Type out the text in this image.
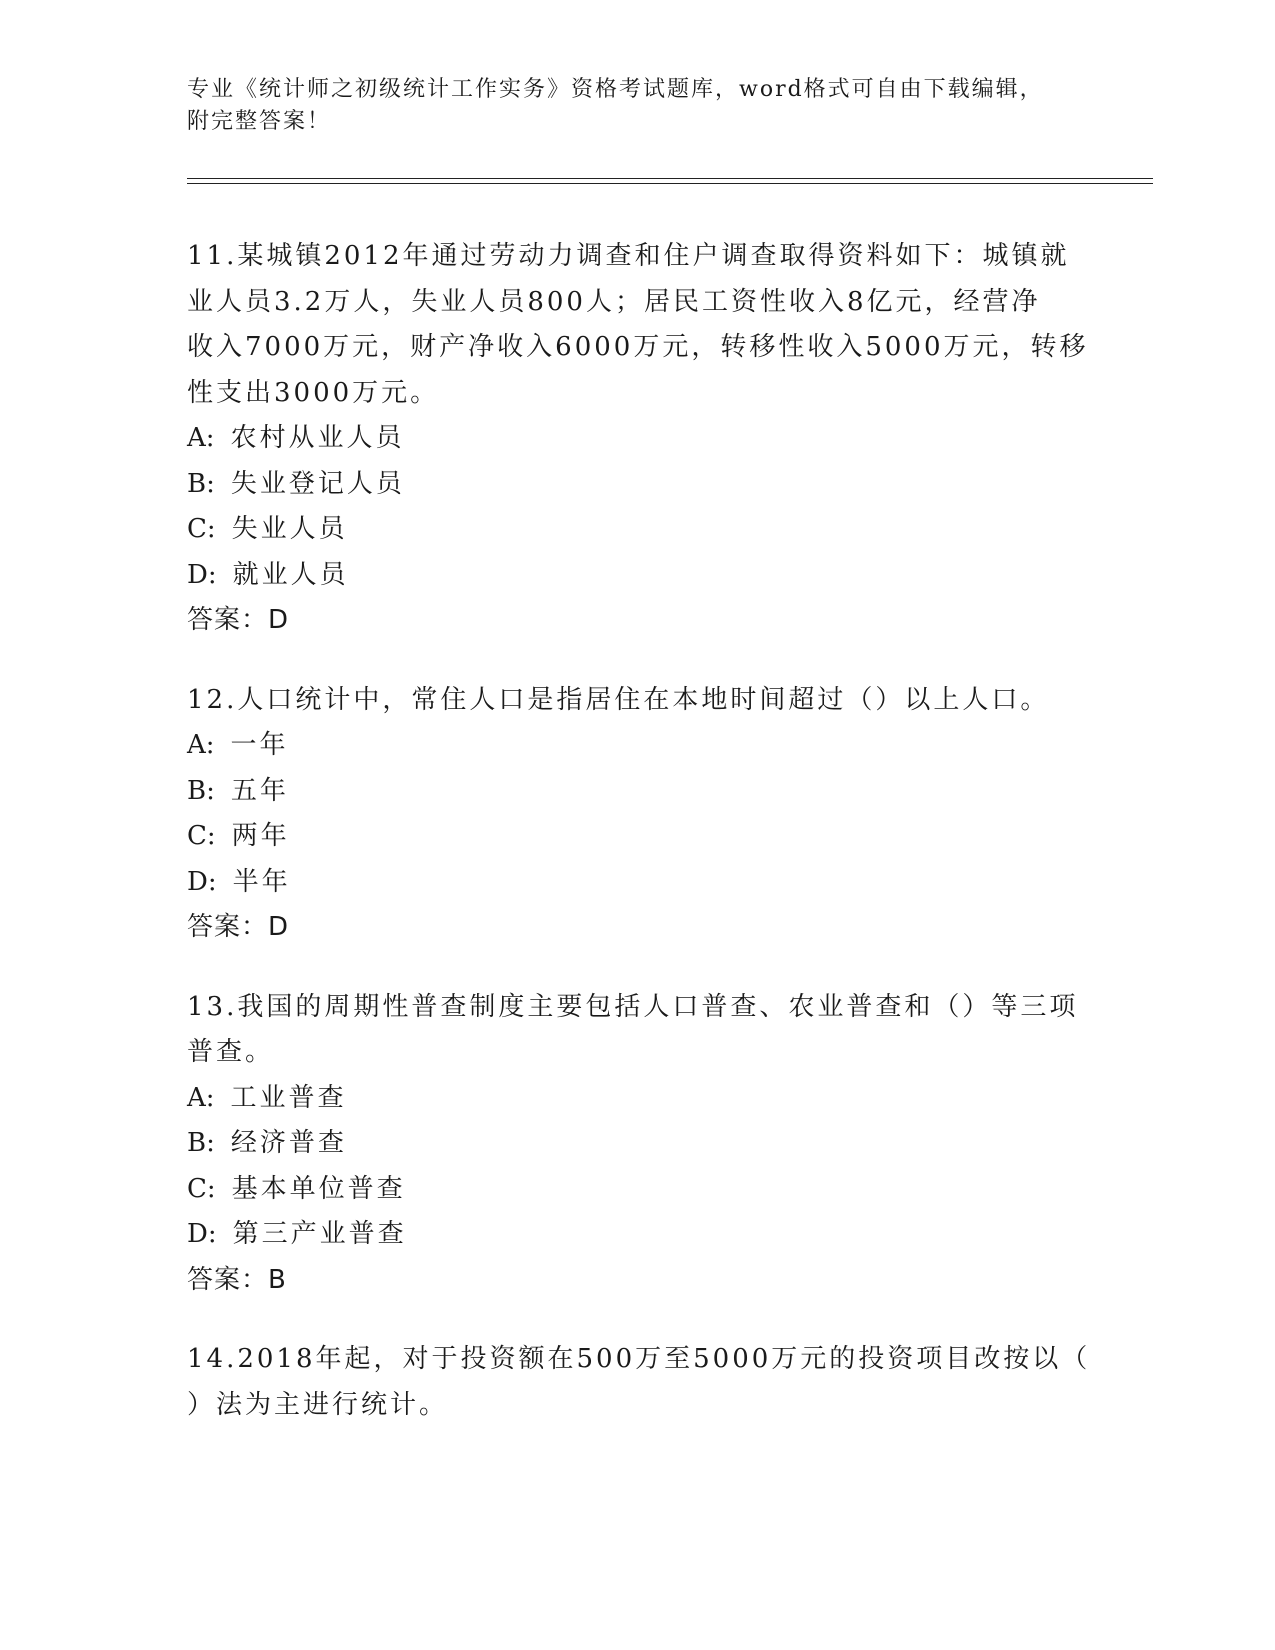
专业《统计师之初级统计工作实务》资格考试题库，word格式可自由下载编辑，
附完整答案！
11.某城镇2012年通过劳动力调查和住户调查取得资料如下：城镇就
业人员3.2万人，失业人员800人；居民工资性收入8亿元，经营净
收入7000万元，财产净收入6000万元，转移性收入5000万元，转移
性支出3000万元。
A: 农村从业人员
B: 失业登记人员
C: 失业人员
D: 就业人员
答案：D
12.人口统计中，常住人口是指居住在本地时间超过（）以上人口。
A: 一年
B: 五年
C: 两年
D: 半年
答案：D
13.我国的周期性普查制度主要包括人口普查、农业普查和（）等三项
普查。
A: 工业普查
B: 经济普查
C: 基本单位普查
D: 第三产业普查
答案：B
14.2018年起，对于投资额在500万至5000万元的投资项目改按以（
）法为主进行统计。
